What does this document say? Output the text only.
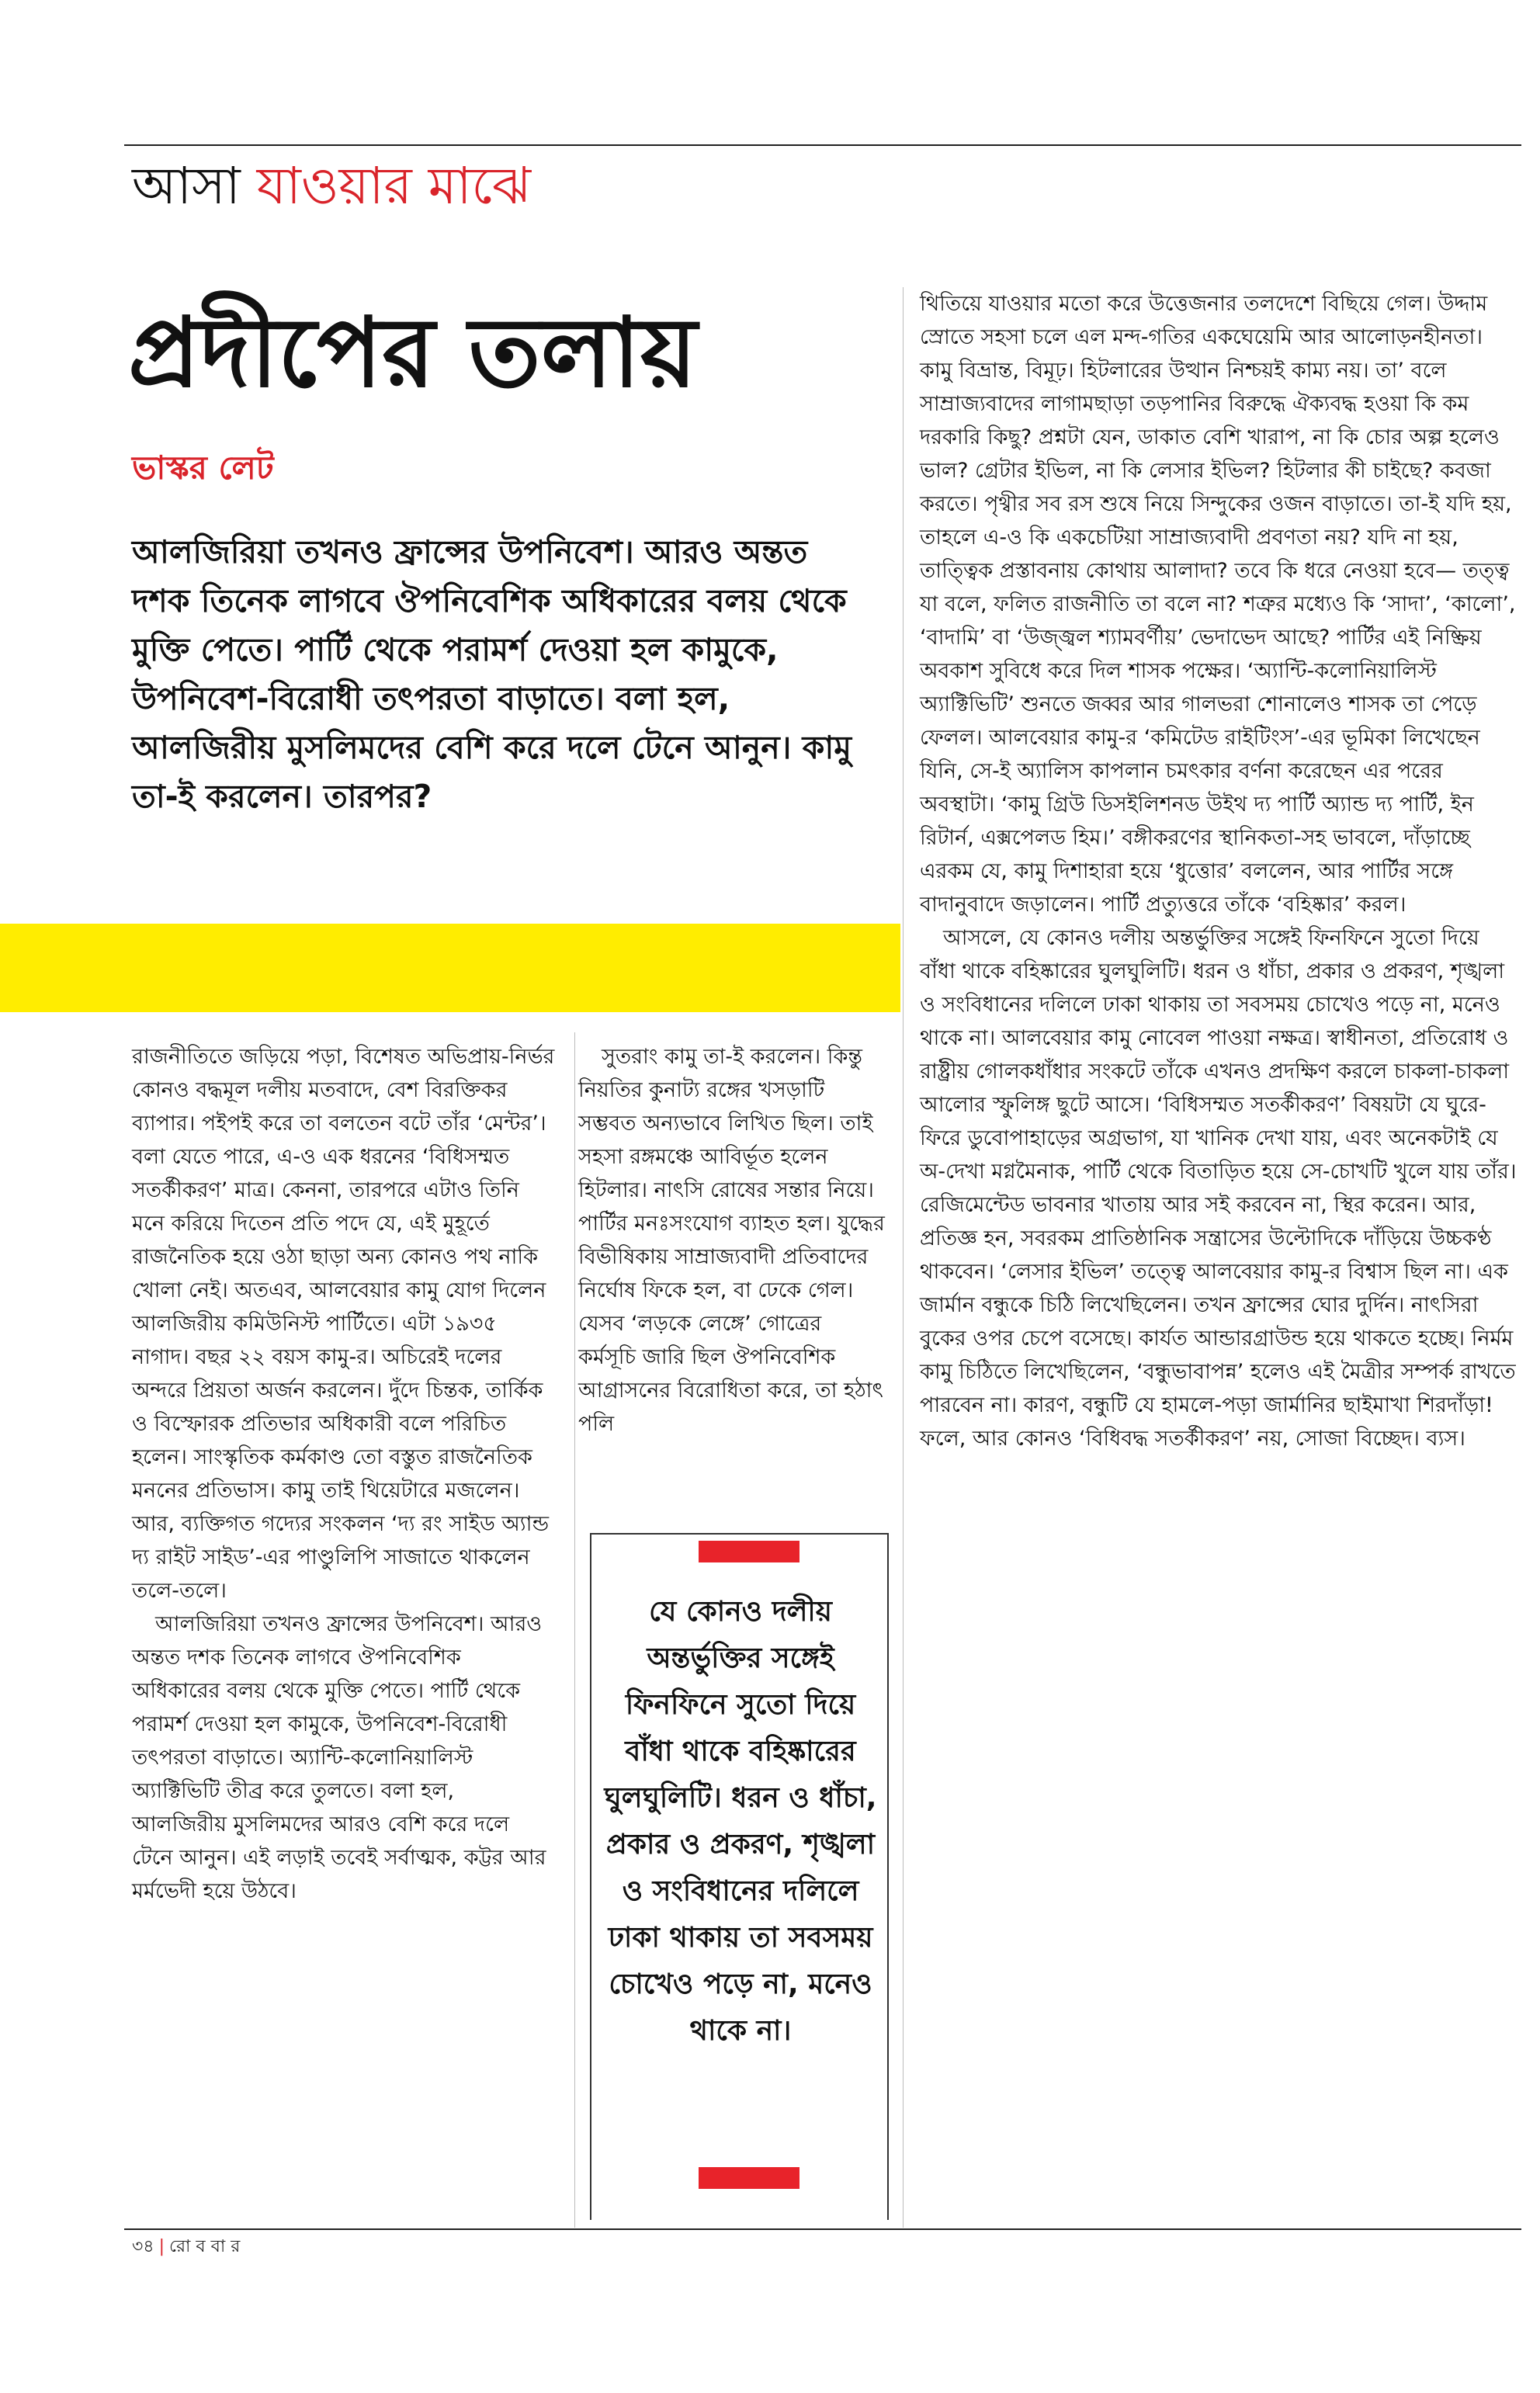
আসা যাওয়ার মাঝে
প্রদীপের তলায়
ভাস্কর লেট

আলজিরিয়া তখনও ফ্রান্সের উপনিবেশ। আরও অন্তত দশক তিনেক লাগবে ঔপনিবেশিক অধিকারের বলয় থেকে মুক্তি পেতে। পার্টি থেকে পরামর্শ দেওয়া হল কামুকে, উপনিবেশ-বিরোধী তৎপরতা বাড়াতে। বলা হল, আলজিরীয় মুসলিমদের বেশি করে দলে টেনে আনুন। কামু তা-ই করলেন। তারপর?

রাজনীতিতে জড়িয়ে পড়া, বিশেষত অভিপ্রায়-নির্ভর কোনও বদ্ধমূল দলীয় মতবাদে, বেশ বিরক্তিকর ব্যাপার। পইপই করে তা বলতেন বটে তাঁর ‘মেন্টর’। বলা যেতে পারে, এ-ও এক ধরনের ‘বিধিসম্মত সতর্কীকরণ’ মাত্র। কেননা, তারপরে এটাও তিনি মনে করিয়ে দিতেন প্রতি পদে যে, এই মুহূর্তে রাজনৈতিক হয়ে ওঠা ছাড়া অন্য কোনও পথ নাকি খোলা নেই। অতএব, আলবেয়ার কামু যোগ দিলেন আলজিরীয় কমিউনিস্ট পার্টিতে। এটা ১৯৩৫ নাগাদ। বছর ২২ বয়স কামু-র। অচিরেই দলের অন্দরে প্রিয়তা অর্জন করলেন। দুঁদে চিন্তক, তার্কিক ও বিস্ফোরক প্রতিভার অধিকারী বলে পরিচিত হলেন। সাংস্কৃতিক কর্মকাণ্ড তো বস্তুত রাজনৈতিক মননের প্রতিভাস। কামু তাই থিয়েটারে মজলেন। আর, ব্যক্তিগত গদ্যের সংকলন ‘দ্য রং সাইড অ্যান্ড দ্য রাইট সাইড’-এর পাণ্ডুলিপি সাজাতে থাকলেন তলে-তলে।

আলজিরিয়া তখনও ফ্রান্সের উপনিবেশ। আরও অন্তত দশক তিনেক লাগবে ঔপনিবেশিক অধিকারের বলয় থেকে মুক্তি পেতে। পার্টি থেকে পরামর্শ দেওয়া হল কামুকে, উপনিবেশ-বিরোধী তৎপরতা বাড়াতে। অ্যান্টি-কলোনিয়ালিস্ট অ্যাক্টিভিটি তীব্র করে তুলতে। বলা হল, আলজিরীয় মুসলিমদের আরও বেশি করে দলে টেনে আনুন। এই লড়াই তবেই সর্বাত্মক, কট্টর আর মর্মভেদী হয়ে উঠবে।

সুতরাং কামু তা-ই করলেন। কিন্তু নিয়তির কুনাট্য রঙ্গের খসড়াটি সম্ভবত অন্যভাবে লিখিত ছিল। তাই সহসা রঙ্গমঞ্চে আবির্ভূত হলেন হিটলার। নাৎসি রোষের সন্তার নিয়ে। পার্টির মনঃসংযোগ ব্যাহত হল। যুদ্ধের বিভীষিকায় সাম্রাজ্যবাদী প্রতিবাদের নির্ঘোষ ফিকে হল, বা ঢেকে গেল। যেসব ‘লড়কে লেঙ্গে’ গোত্রের কর্মসূচি জারি ছিল ঔপনিবেশিক আগ্রাসনের বিরোধিতা করে, তা হঠাৎ পলি

যে কোনও দলীয় অন্তর্ভুক্তির সঙ্গেই ফিনফিনে সুতো দিয়ে বাঁধা থাকে বহিষ্কারের ঘুলঘুলিটি। ধরন ও ধাঁচা, প্রকার ও প্রকরণ, শৃঙ্খলা ও সংবিধানের দলিলে ঢাকা থাকায় তা সবসময় চোখেও পড়ে না, মনেও থাকে না।

থিতিয়ে যাওয়ার মতো করে উত্তেজনার তলদেশে বিছিয়ে গেল। উদ্দাম স্রোতে সহসা চলে এল মন্দ-গতির একঘেয়েমি আর আলোড়নহীনতা। কামু বিভ্রান্ত, বিমূঢ়। হিটলারের উত্থান নিশ্চয়ই কাম্য নয়। তা’ বলে সাম্রাজ্যবাদের লাগামছাড়া তড়পানির বিরুদ্ধে ঐক্যবদ্ধ হওয়া কি কম দরকারি কিছু? প্রশ্নটা যেন, ডাকাত বেশি খারাপ, না কি চোর অল্প হলেও ভাল? গ্রেটার ইভিল, না কি লেসার ইভিল? হিটলার কী চাইছে? কবজা করতে। পৃথ্বীর সব রস শুষে নিয়ে সিন্দুকের ওজন বাড়াতে। তা-ই যদি হয়, তাহলে এ-ও কি একচেটিয়া সাম্রাজ্যবাদী প্রবণতা নয়? যদি না হয়, তাত্ত্বিক প্রস্তাবনায় কোথায় আলাদা? তবে কি ধরে নেওয়া হবে— তত্ত্ব যা বলে, ফলিত রাজনীতি তা বলে না? শত্রুর মধ্যেও কি ‘সাদা’, ‘কালো’, ‘বাদামি’ বা ‘উজ্জ্বল শ্যামবর্ণীয়’ ভেদাভেদ আছে? পার্টির এই নিষ্ক্রিয় অবকাশ সুবিধে করে দিল শাসক পক্ষের। ‘অ্যান্টি-কলোনিয়ালিস্ট অ্যাক্টিভিটি’ শুনতে জব্বর আর গালভরা শোনালেও শাসক তা পেড়ে ফেলল। আলবেয়ার কামু-র ‘কমিটেড রাইটিংস’-এর ভূমিকা লিখেছেন যিনি, সে-ই অ্যালিস কাপলান চমৎকার বর্ণনা করেছেন এর পরের অবস্থাটা। ‘কামু গ্রিউ ডিসইলিশনড উইথ দ্য পার্টি অ্যান্ড দ্য পার্টি, ইন রিটার্ন, এক্সপেলড হিম।’ বঙ্গীকরণের স্থানিকতা-সহ ভাবলে, দাঁড়াচ্ছে এরকম যে, কামু দিশাহারা হয়ে ‘ধুত্তোর’ বললেন, আর পার্টির সঙ্গে বাদানুবাদে জড়ালেন। পার্টি প্রত্যুত্তরে তাঁকে ‘বহিষ্কার’ করল।

আসলে, যে কোনও দলীয় অন্তর্ভুক্তির সঙ্গেই ফিনফিনে সুতো দিয়ে বাঁধা থাকে বহিষ্কারের ঘুলঘুলিটি। ধরন ও ধাঁচা, প্রকার ও প্রকরণ, শৃঙ্খলা ও সংবিধানের দলিলে ঢাকা থাকায় তা সবসময় চোখেও পড়ে না, মনেও থাকে না। আলবেয়ার কামু নোবেল পাওয়া নক্ষত্র। স্বাধীনতা, প্রতিরোধ ও রাষ্ট্রীয় গোলকধাঁধার সংকটে তাঁকে এখনও প্রদক্ষিণ করলে চাকলা-চাকলা আলোর স্ফুলিঙ্গ ছুটে আসে। ‘বিধিসম্মত সতর্কীকরণ’ বিষয়টা যে ঘুরে-ফিরে ডুবোপাহাড়ের অগ্রভাগ, যা খানিক দেখা যায়, এবং অনেকটাই যে অ-দেখা মগ্নমৈনাক, পার্টি থেকে বিতাড়িত হয়ে সে-চোখটি খুলে যায় তাঁর। রেজিমেন্টেড ভাবনার খাতায় আর সই করবেন না, স্থির করেন। আর, প্রতিজ্ঞ হন, সবরকম প্রাতিষ্ঠানিক সন্ত্রাসের উল্টোদিকে দাঁড়িয়ে উচ্চকণ্ঠ থাকবেন। ‘লেসার ইভিল’ তত্ত্বে আলবেয়ার কামু-র বিশ্বাস ছিল না। এক জার্মান বন্ধুকে চিঠি লিখেছিলেন। তখন ফ্রান্সের ঘোর দুর্দিন। নাৎসিরা বুকের ওপর চেপে বসেছে। কার্যত আন্ডারগ্রাউন্ড হয়ে থাকতে হচ্ছে। নির্মম কামু চিঠিতে লিখেছিলেন, ‘বন্ধুভাবাপন্ন’ হলেও এই মৈত্রীর সম্পর্ক রাখতে পারবেন না। কারণ, বন্ধুটি যে হামলে-পড়া জার্মানির ছাইমাখা শিরদাঁড়া! ফলে, আর কোনও ‘বিধিবদ্ধ সতর্কীকরণ’ নয়, সোজা বিচ্ছেদ। ব্যস।

৩৪ | রো ব বা র
